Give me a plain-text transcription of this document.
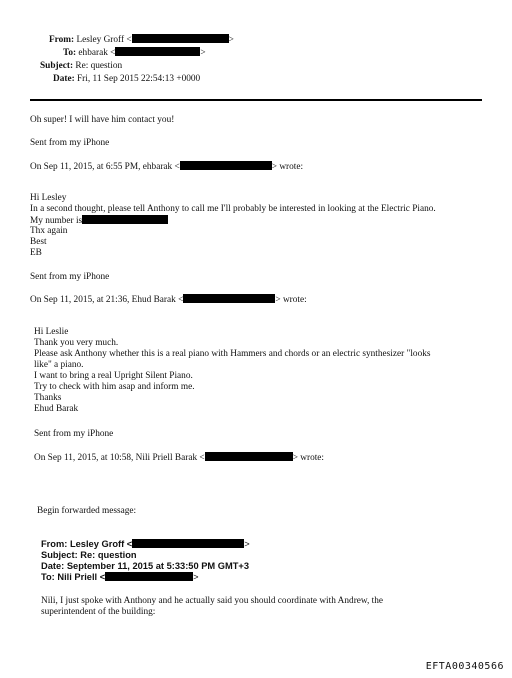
From: Lesley Groff <	>
To: ehbarak <	>
Subject: Re: question
Date: Fri, 11 Sep 2015 22:54:13 +0000
Oh super! I will have him contact you!
Sent from my iPhone
On Sep 11, 2015, at 6:55 PM, ehbarak <	> wrote:
Hi Lesley
In a second thought, please tell Anthony to call me I'll probably be interested in looking at the Electric Piano.
My number is
Thx again
Best
EB
Sent from my iPhone
On Sep 11, 2015, at 21:36, Ehud Barak <	> wrote:
Hi Leslie
Thank you very much.
Please ask Anthony whether this is a real piano with Hammers and chords or an electric synthesizer "looks
like" a piano.
I want to bring a real Upright Silent Piano.
Try to check with him asap and inform me.
Thanks
Ehud Barak
Sent from my iPhone
On Sep 11, 2015, at 10:58, Nili Priell Barak <	> wrote:
Begin forwarded message:
From: Lesley Groff <	>
Subject: Re: question
Date: September 11, 2015 at 5:33:50 PM GMT+3
To: Nili Priell <	>
Nili, I just spoke with Anthony and he actually said you should coordinate with Andrew, the
superintendent of the building:
EFTA00340566
